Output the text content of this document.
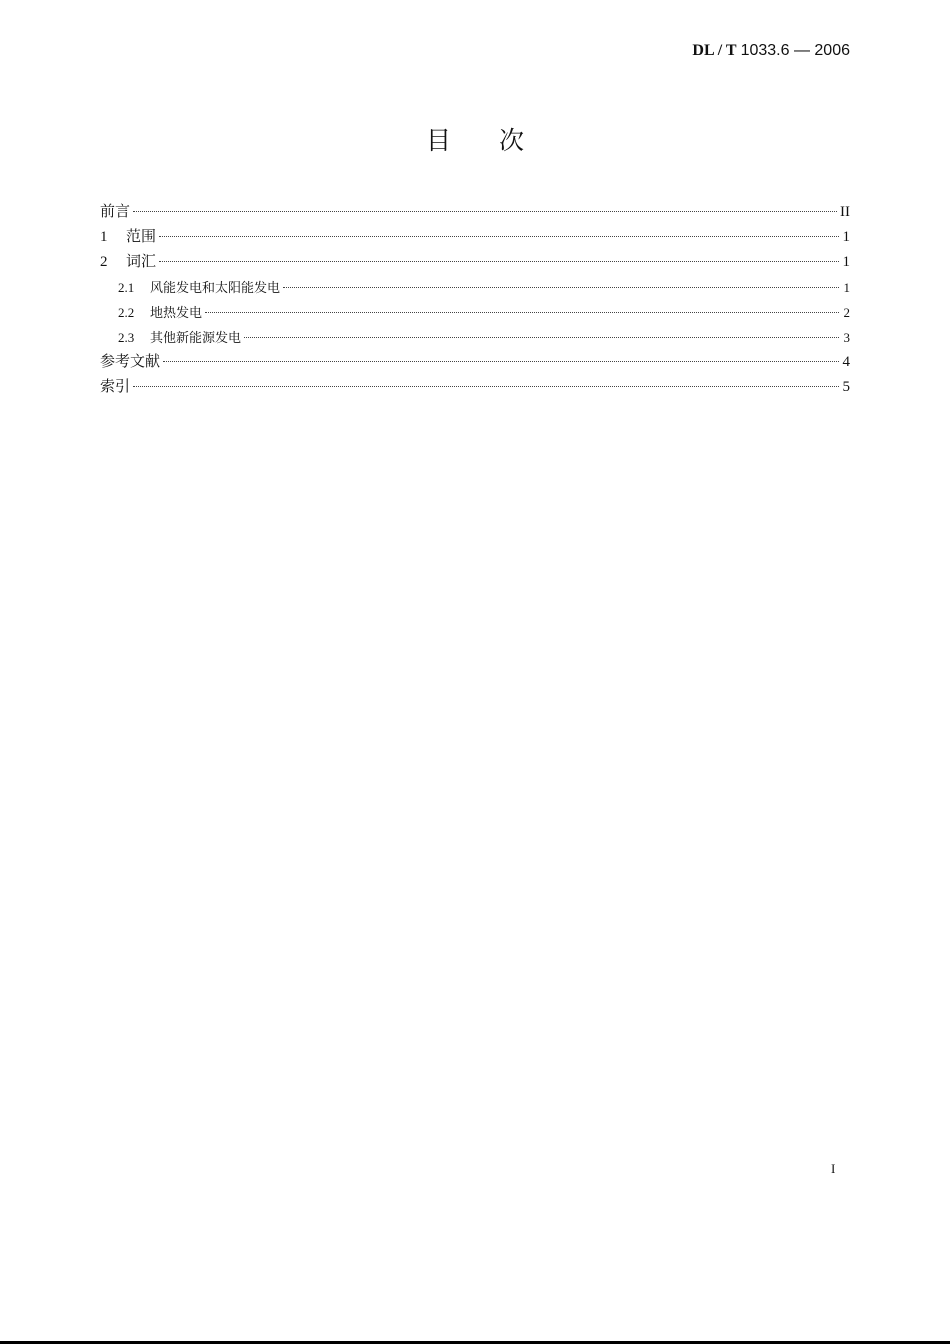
DL / T 1033.6 — 2006
目 次
前言	II
1	范围	1
2	词汇	1
2.1	风能发电和太阳能发电	1
2.2	地热发电	2
2.3	其他新能源发电	3
参考文献	4
索引	5
I
